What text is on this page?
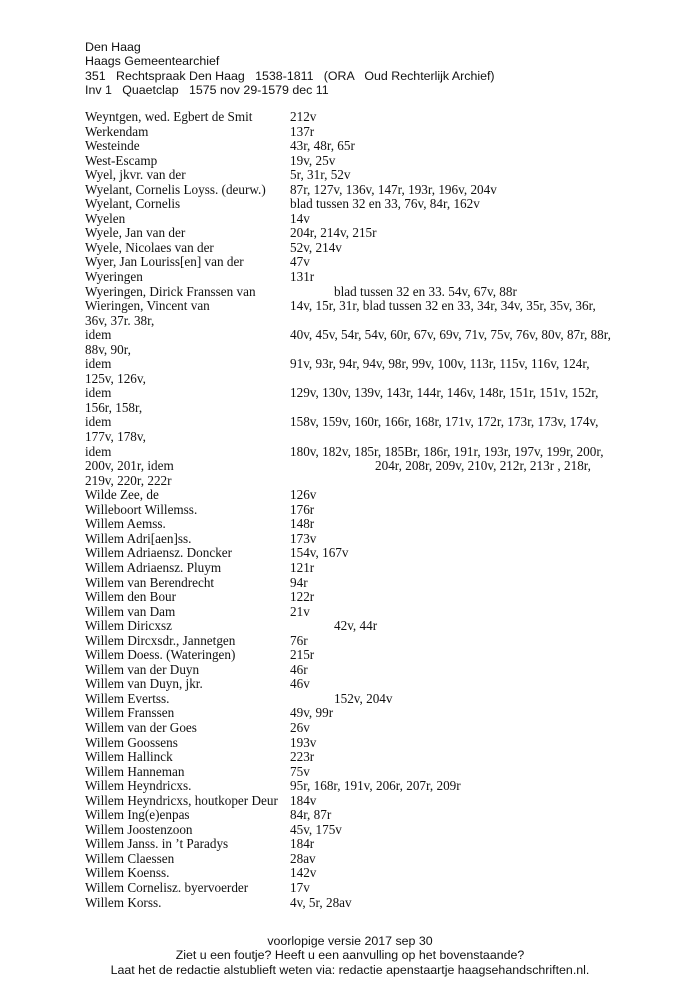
Den Haag
Haags Gemeentearchief
351   Rechtspraak Den Haag   1538-1811   (ORA   Oud Rechterlijk Archief)
Inv 1   Quaetclap   1575 nov 29-1579 dec 11
Weyntgen, wed. Egbert de Smit	212v
Werkendam	137r
Westeinde	43r, 48r, 65r
West-Escamp	19v, 25v
Wyel, jkvr. van der	5r, 31r, 52v
Wyelant, Cornelis Loyss. (deurw.) 87r, 127v, 136v, 147r, 193r, 196v, 204v
Wyelant, Cornelis	blad tussen 32 en 33, 76v, 84r, 162v
Wyelen	14v
Wyele, Jan van der	204r, 214v, 215r
Wyele, Nicolaes van der	52v, 214v
Wyer, Jan Louriss[en] van der	47v
Wyeringen	131r
Wyeringen, Dirick Franssen van	blad tussen 32 en 33. 54v, 67v, 88r
Wieringen, Vincent van	14v, 15r, 31r, blad tussen 32 en 33, 34r, 34v, 35r, 35v, 36r,
36v, 37r. 38r,
idem	40v, 45v, 54r, 54v, 60r, 67v, 69v, 71v, 75v, 76v, 80v, 87r, 88r,
88v, 90r,
idem	91v, 93r, 94r, 94v, 98r, 99v, 100v, 113r, 115v, 116v, 124r,
125v, 126v,
idem	129v, 130v, 139v, 143r, 144r, 146v, 148r, 151r, 151v, 152r,
156r, 158r,
idem	158v, 159v, 160r, 166r, 168r, 171v, 172r, 173r, 173v, 174v,
177v, 178v,
idem	180v, 182v, 185r, 185Br, 186r, 191r, 193r, 197v, 199r, 200r,
200v, 201r, idem	204r, 208r, 209v, 210v, 212r, 213r , 218r,
219v, 220r, 222r
Wilde Zee, de	126v
Willeboort Willemss.	176r
Willem Aemss.	148r
Willem Adri[aen]ss.	173v
Willem Adriaensz. Doncker	154v, 167v
Willem Adriaensz. Pluym	121r
Willem van Berendrecht	94r
Willem den Bour	122r
Willem van Dam	21v
Willem Diricxsz	42v, 44r
Willem Dircxsdr., Jannetgen	76r
Willem Doess. (Wateringen)	215r
Willem van der Duyn	46r
Willem van Duyn, jkr.	46v
Willem Evertss.	152v, 204v
Willem Franssen	49v, 99r
Willem van der Goes	26v
Willem Goossens	193v
Willem Hallinck	223r
Willem Hanneman	75v
Willem Heyndricxs.	95r, 168r, 191v, 206r, 207r, 209r
Willem Heyndricxs, houtkoper Deur 184v
Willem Ing(e)enpas	84r, 87r
Willem Joostenzoon	45v, 175v
Willem Janss. in ’t Paradys	184r
Willem Claessen	28av
Willem Koenss.	142v
Willem Cornelisz. byervoerder	17v
Willem Korss.	4v, 5r, 28av
voorlopige versie 2017 sep 30
Ziet u een foutje? Heeft u een aanvulling op het bovenstaande?
Laat het de redactie alstublieft weten via: redactie apenstaartje haagsehandschriften.nl.
